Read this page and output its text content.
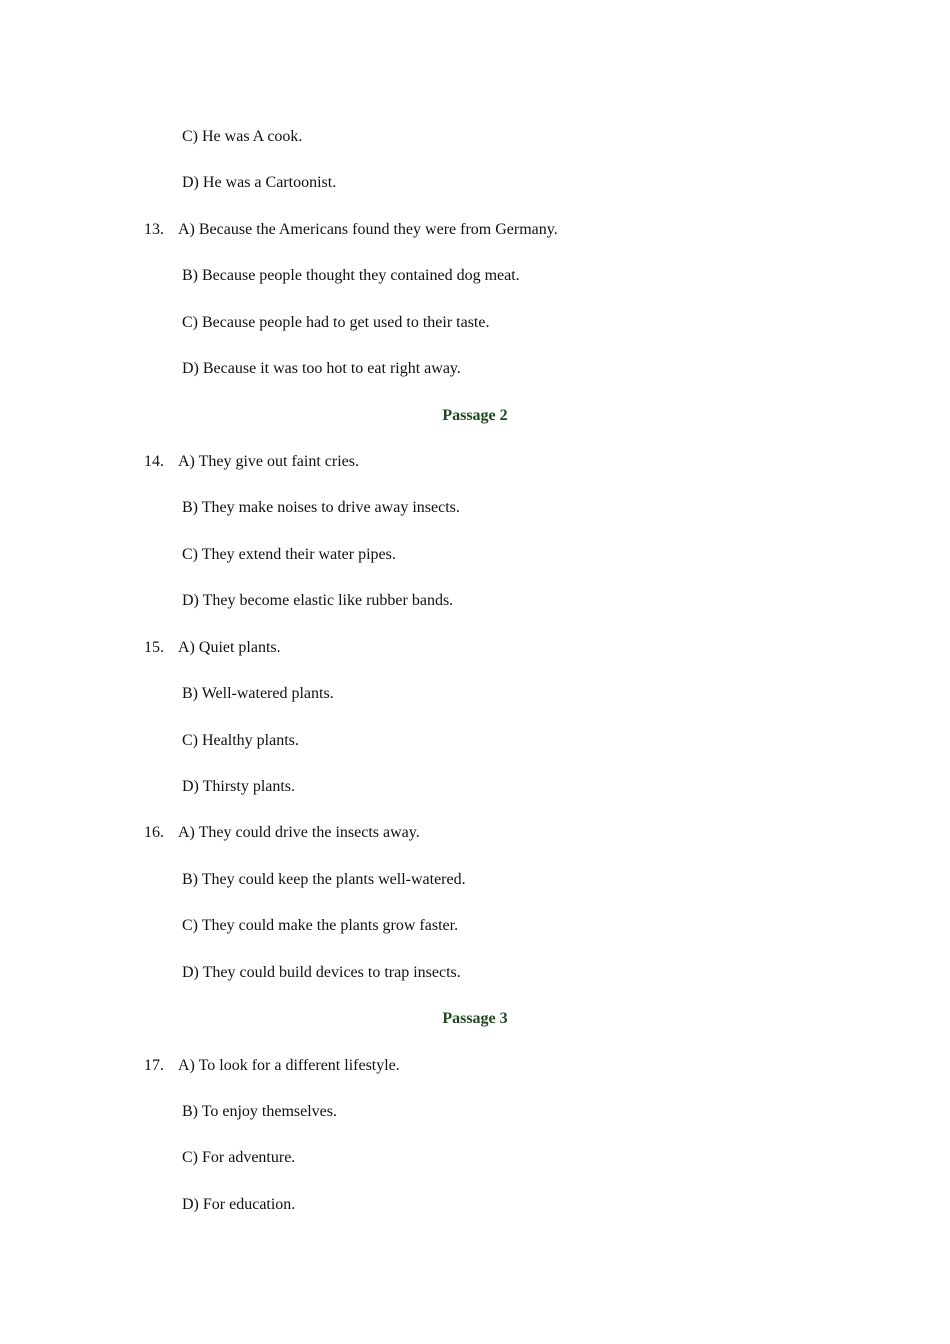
C) He was A cook.
D) He was a Cartoonist.
13. A) Because the Americans found they were from Germany.
B) Because people thought they contained dog meat.
C) Because people had to get used to their taste.
D) Because it was too hot to eat right away.
Passage 2
14. A) They give out faint cries.
B) They make noises to drive away insects.
C) They extend their water pipes.
D) They become elastic like rubber bands.
15. A) Quiet plants.
B) Well-watered plants.
C) Healthy plants.
D) Thirsty plants.
16. A) They could drive the insects away.
B) They could keep the plants well-watered.
C) They could make the plants grow faster.
D) They could build devices to trap insects.
Passage 3
17. A) To look for a different lifestyle.
B) To enjoy themselves.
C) For adventure.
D) For education.
